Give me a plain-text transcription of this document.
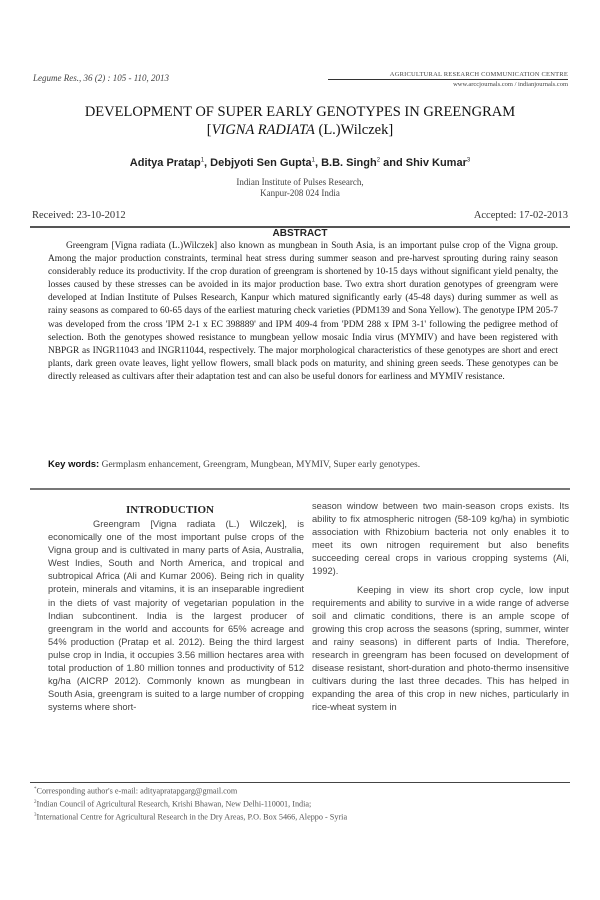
Legume Res., 36 (2) : 105 - 110, 2013	AGRICULTURAL RESEARCH COMMUNICATION CENTRE
www.arccjournals.com / indianjournals.com
DEVELOPMENT OF SUPER EARLY GENOTYPES IN GREENGRAM
[VIGNA RADIATA (L.)Wilczek]
Aditya Pratap$^1$, Debjyoti Sen Gupta$^1$, B.B. Singh$^2$ and Shiv Kumar$^3$
Indian Institute of Pulses Research,
Kanpur-208 024 India
Received: 23-10-2012	Accepted: 17-02-2013
ABSTRACT
Greengram [Vigna radiata (L.)Wilczek] also known as mungbean in South Asia, is an important pulse crop of the Vigna group. Among the major production constraints, terminal heat stress during summer season and pre-harvest sprouting during rainy season considerably reduce its productivity. If the crop duration of greengram is shortened by 10-15 days without significant yield penalty, the losses caused by these stresses can be avoided in its major production base. Two extra short duration genotypes of greengram were developed at Indian Institute of Pulses Research, Kanpur which matured significantly early (45-48 days) during summer as well as rainy seasons as compared to 60-65 days of the earliest maturing check varieties (PDM139 and Sona Yellow). The genotype IPM 205-7 was developed from the cross 'IPM 2-1 x EC 398889' and IPM 409-4 from 'PDM 288 x IPM 3-1' following the pedigree method of selection. Both the genotypes showed resistance to mungbean yellow mosaic India virus (MYMIV) and have been registered with NBPGR as INGR11043 and INGR11044, respectively. The major morphological characteristics of these genotypes are short and erect plants, dark green ovate leaves, light yellow flowers, small black pods on maturity, and shining green seeds. These genotypes can be directly released as cultivars after their adaptation test and can also be useful donors for earliness and MYMIV resistance.
Key words: Germplasm enhancement, Greengram, Mungbean, MYMIV, Super early genotypes.
INTRODUCTION

Greengram [Vigna radiata (L.) Wilczek], is economically one of the most important pulse crops of the Vigna group and is cultivated in many parts of Asia, Australia, West Indies, South and North America, and tropical and subtropical Africa (Ali and Kumar 2006). Being rich in quality protein, minerals and vitamins, it is an inseparable ingredient in the diets of vast majority of vegetarian population in the Indian subcontinent. India is the largest producer of greengram in the world and accounts for 65% acreage and 54% production (Pratap et al. 2012). Being the third largest pulse crop in India, it occupies 3.56 million hectares area with total production of 1.80 million tonnes and productivity of 512 kg/ha (AICRP 2012). Commonly known as mungbean in South Asia, greengram is suited to a large number of cropping systems where short-

season window between two main-season crops exists. Its ability to fix atmospheric nitrogen (58-109 kg/ha) in symbiotic association with Rhizobium bacteria not only enables it to meet its own nitrogen requirement but also benefits succeeding cereal crops in various cropping systems (Ali, 1992).

Keeping in view its short crop cycle, low input requirements and ability to survive in a wide range of adverse soil and climatic conditions, there is an ample scope of growing this crop across the seasons (spring, summer, winter and rainy seasons) in different parts of India. Therefore, research in greengram has been focused on development of disease resistant, short-duration and photo-thermo insensitive cultivars during the last three decades. This has helped in expanding the area of this crop in new niches, particularly in rice-wheat system in

*Corresponding author's e-mail: adityapratapgarg@gmail.com
$^2$Indian Council of Agricultural Research, Krishi Bhawan, New Delhi-110001, India;
$^3$International Centre for Agricultural Research in the Dry Areas, P.O. Box 5466, Aleppo - Syria
